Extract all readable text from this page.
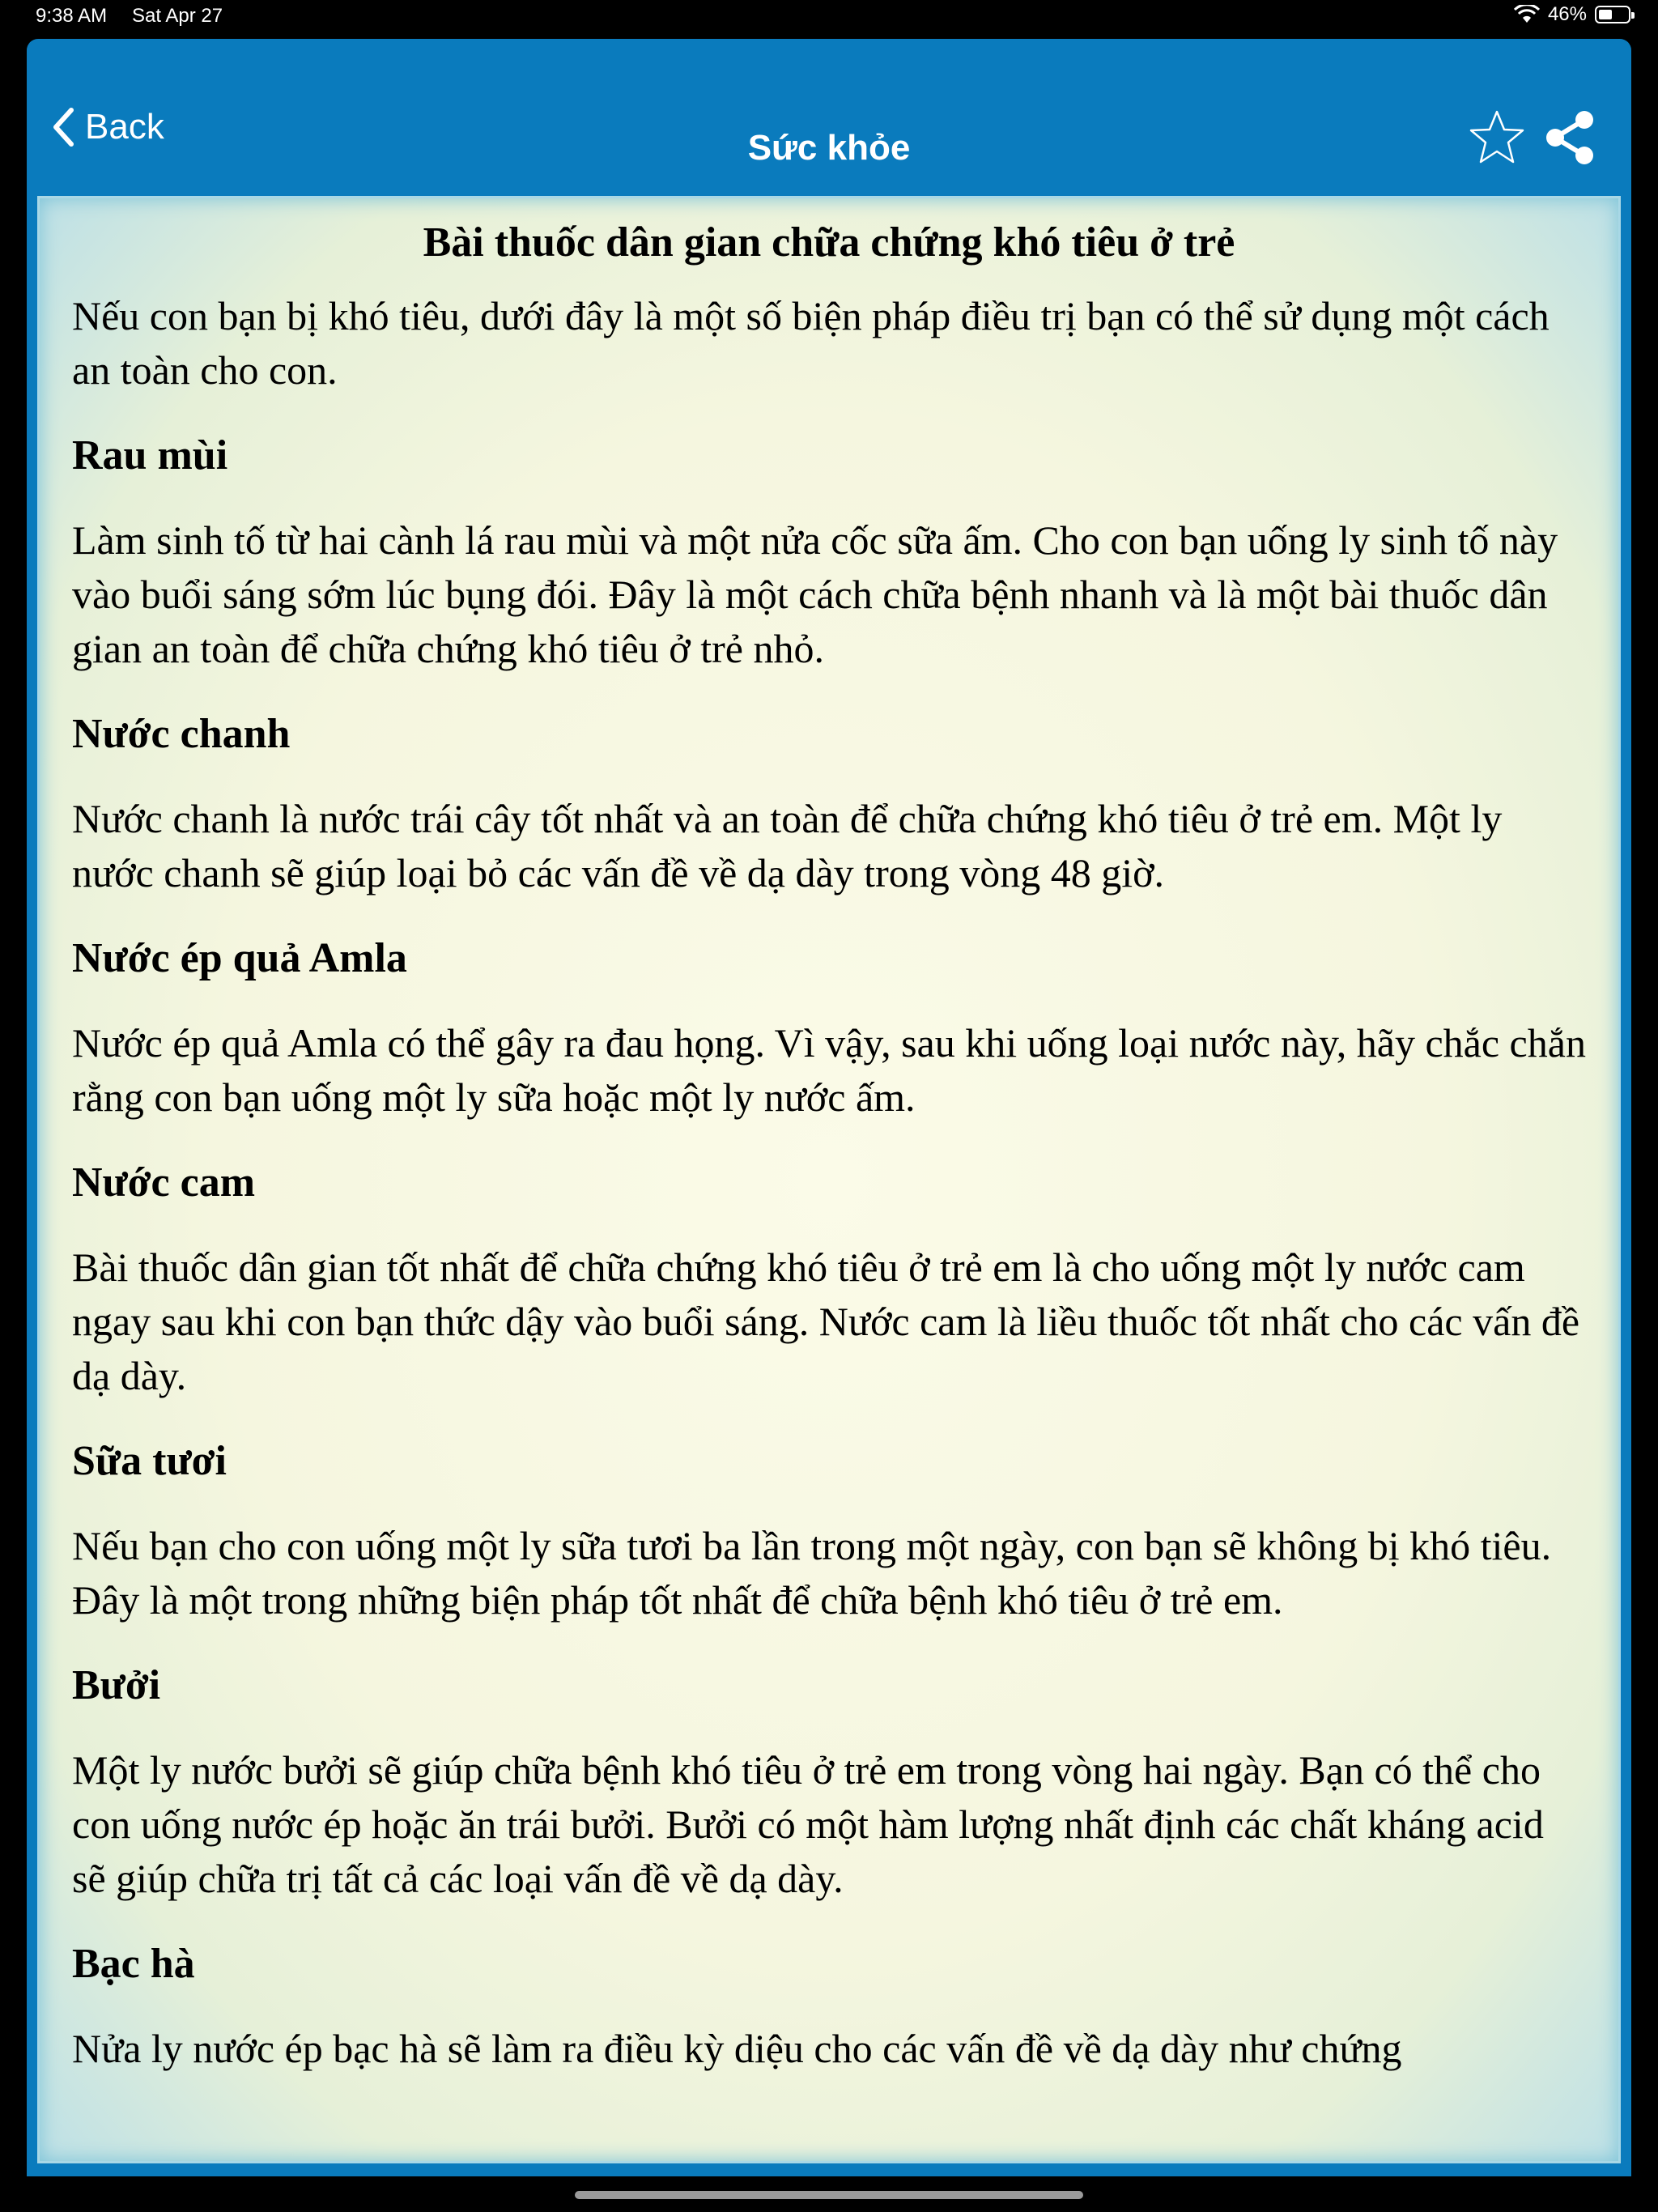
9:38 AM Sat Apr 27	46%
Back
Sức khỏe
Bài thuốc dân gian chữa chứng khó tiêu ở trẻ

Nếu con bạn bị khó tiêu, dưới đây là một số biện pháp điều trị bạn có thể sử dụng một cách an toàn cho con.

Rau mùi

Làm sinh tố từ hai cành lá rau mùi và một nửa cốc sữa ấm. Cho con bạn uống ly sinh tố này vào buổi sáng sớm lúc bụng đói. Đây là một cách chữa bệnh nhanh và là một bài thuốc dân gian an toàn để chữa chứng khó tiêu ở trẻ nhỏ.

Nước chanh

Nước chanh là nước trái cây tốt nhất và an toàn để chữa chứng khó tiêu ở trẻ em. Một ly nước chanh sẽ giúp loại bỏ các vấn đề về dạ dày trong vòng 48 giờ.

Nước ép quả Amla

Nước ép quả Amla có thể gây ra đau họng. Vì vậy, sau khi uống loại nước này, hãy chắc chắn rằng con bạn uống một ly sữa hoặc một ly nước ấm.

Nước cam

Bài thuốc dân gian tốt nhất để chữa chứng khó tiêu ở trẻ em là cho uống một ly nước cam ngay sau khi con bạn thức dậy vào buổi sáng. Nước cam là liều thuốc tốt nhất cho các vấn đề dạ dày.

Sữa tươi

Nếu bạn cho con uống một ly sữa tươi ba lần trong một ngày, con bạn sẽ không bị khó tiêu. Đây là một trong những biện pháp tốt nhất để chữa bệnh khó tiêu ở trẻ em.

Bưởi

Một ly nước bưởi sẽ giúp chữa bệnh khó tiêu ở trẻ em trong vòng hai ngày. Bạn có thể cho con uống nước ép hoặc ăn trái bưởi. Bưởi có một hàm lượng nhất định các chất kháng acid sẽ giúp chữa trị tất cả các loại vấn đề về dạ dày.

Bạc hà

Nửa ly nước ép bạc hà sẽ làm ra điều kỳ diệu cho các vấn đề về dạ dày như chứng
